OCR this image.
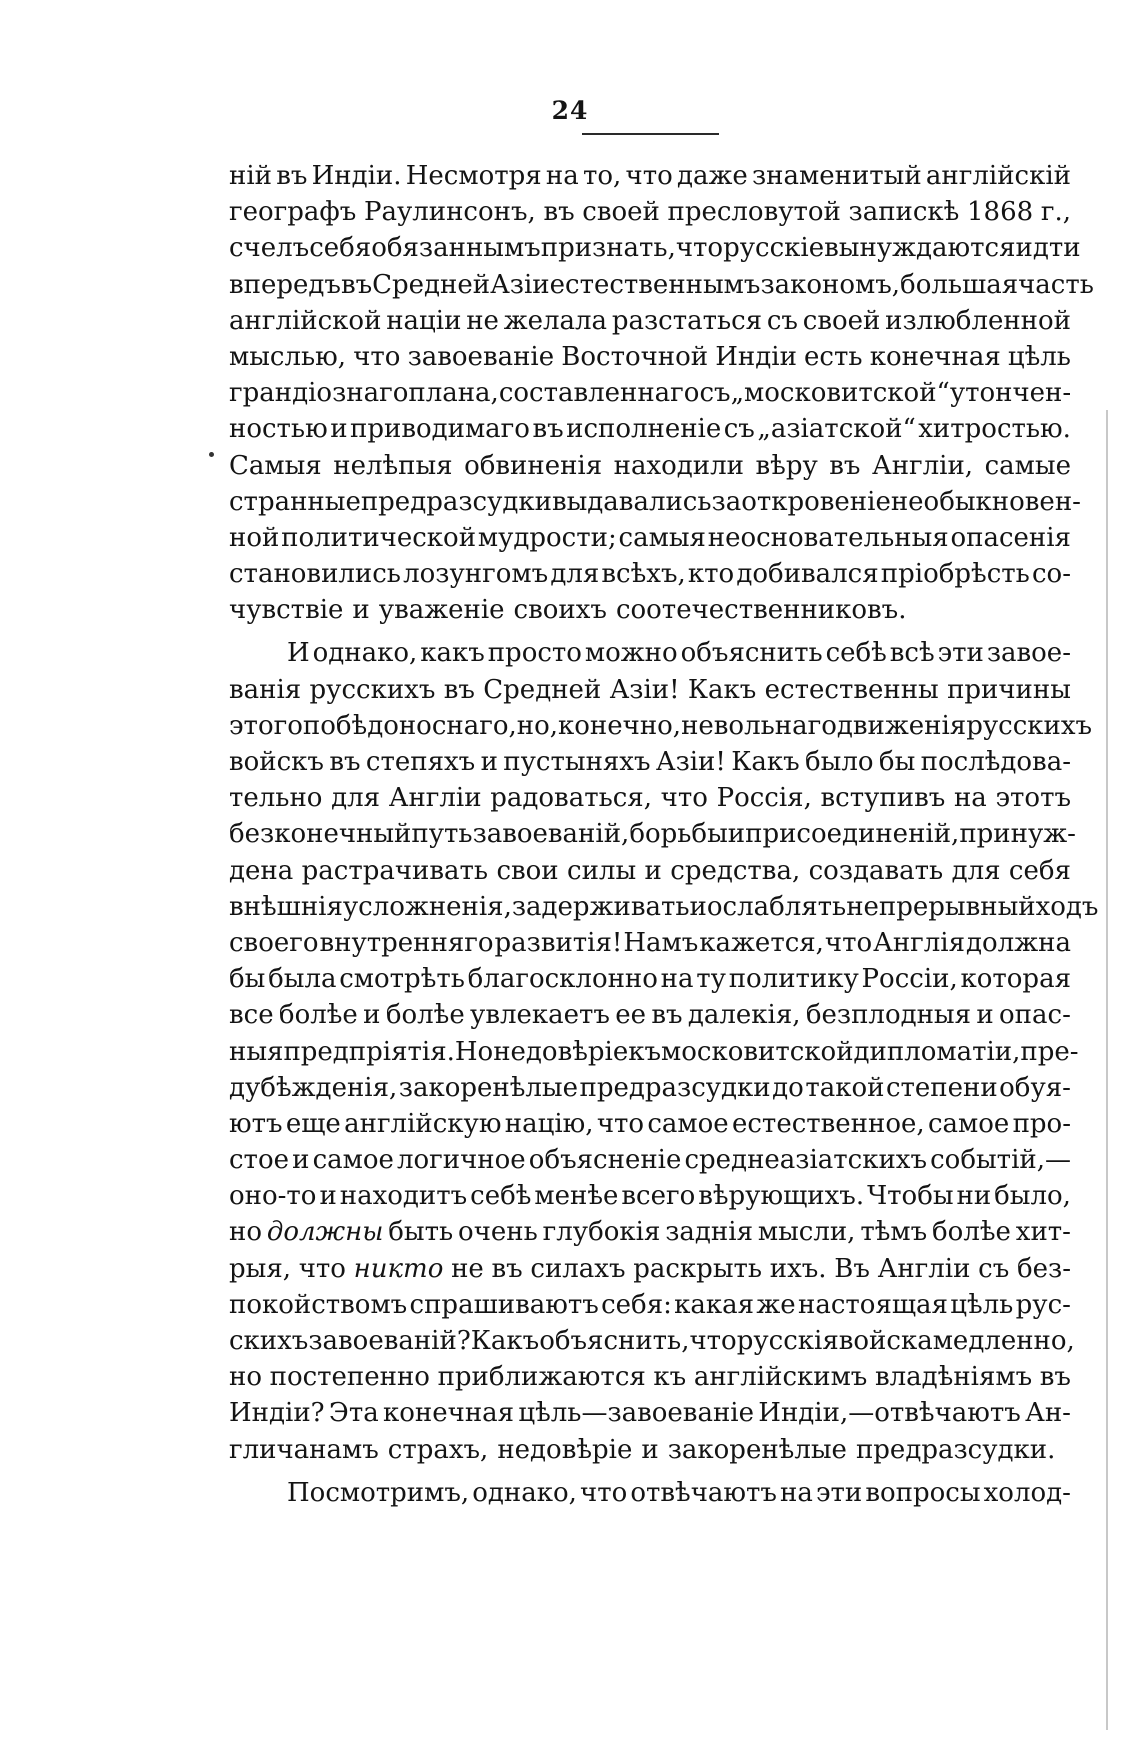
24
ній въ Индіи. Несмотря на то, что даже знаменитый англійскій
географъ Раулинсонъ, въ своей пресловутой запискѣ 1868 г.,
счелъ себя обязаннымъ признать, что русскіе вынуждаются идти
впередъ въ Средней Азіи естественнымъ закономъ, большая часть
англійской націи не желала разстаться съ своей излюбленной
мыслью, что завоеваніе Восточной Индіи есть конечная цѣль
грандіознаго плана, составленнаго съ „московитской“ утончен-
ностью и приводимаго въ исполненіе съ „азіатской“ хитростью.
Самыя нелѣпыя обвиненія находили вѣру въ Англіи, самые
странные предразсудки выдавались за откровеніе необыкновен-
ной политической мудрости; самыя неосновательныя опасенія
становились лозунгомъ для всѣхъ, кто добивался пріобрѣсть со-
чувствіе и уваженіе своихъ соотечественниковъ.
И однако, какъ просто можно объяснить себѣ всѣ эти завое-
ванія русскихъ въ Средней Азіи! Какъ естественны причины
этого побѣдоноснаго, но, конечно, невольнаго движенія русскихъ
войскъ въ степяхъ и пустыняхъ Азіи! Какъ было бы послѣдова-
тельно для Англіи радоваться, что Россія, вступивъ на этотъ
безконечный путь завоеваній, борьбы и присоединеній, принуж-
дена растрачивать свои силы и средства, создавать для себя
внѣшнія усложненія, задерживать и ослаблять непрерывный ходъ
своего внутренняго развитія! Намъ кажется, что Англія должна
бы была смотрѣть благосклонно на ту политику Россіи, которая
все болѣе и болѣе увлекаетъ ее въ далекія, безплодныя и опас-
ныя предпріятія. Но недовѣріе къ московитской дипломатіи, пре-
дубѣжденія, закоренѣлые предразсудки до такой степени обуя-
ютъ еще англійскую націю, что самое естественное, самое про-
стое и самое логичное объясненіе среднеазіатскихъ событій,—
оно-то и находитъ себѣ менѣе всего вѣрующихъ. Чтобы ни было,
но должны быть очень глубокія заднія мысли, тѣмъ болѣе хит-
рыя, что никто не въ силахъ раскрыть ихъ. Въ Англіи съ без-
покойствомъ спрашиваютъ себя: какая же настоящая цѣль рус-
скихъ завоеваній? Какъ объяснить, что русскія войска медленно,
но постепенно приближаются къ англійскимъ владѣніямъ въ
Индіи? Эта конечная цѣль—завоеваніе Индіи,—отвѣчаютъ Ан-
гличанамъ страхъ, недовѣріе и закоренѣлые предразсудки.
Посмотримъ, однако, что отвѣчаютъ на эти вопросы холод-
